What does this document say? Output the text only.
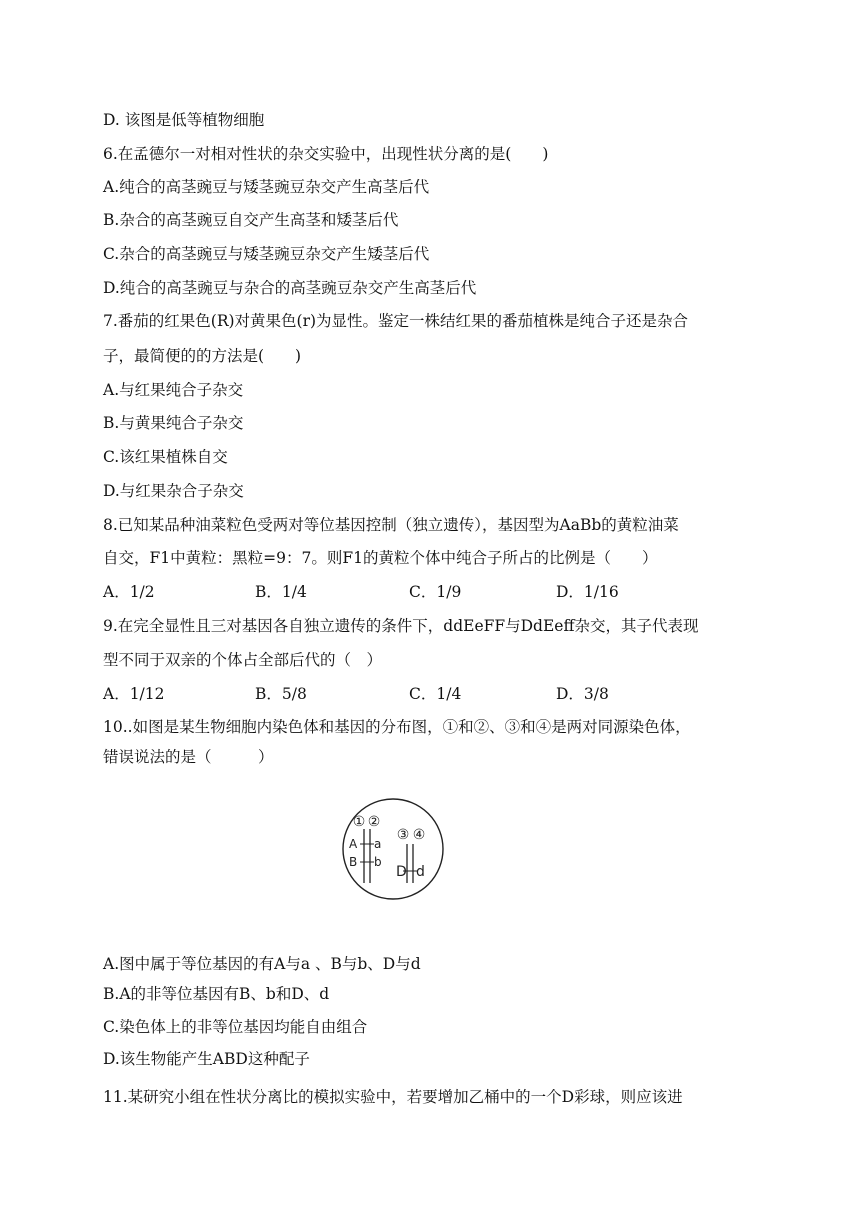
D. 该图是低等植物细胞
6.在孟德尔一对相对性状的杂交实验中，出现性状分离的是(　　)
A.纯合的高茎豌豆与矮茎豌豆杂交产生高茎后代
B.杂合的高茎豌豆自交产生高茎和矮茎后代
C.杂合的高茎豌豆与矮茎豌豆杂交产生矮茎后代
D.纯合的高茎豌豆与杂合的高茎豌豆杂交产生高茎后代
7.番茄的红果色(R)对黄果色(r)为显性。鉴定一株结红果的番茄植株是纯合子还是杂合
子，最简便的的方法是(　　)
A.与红果纯合子杂交
B.与黄果纯合子杂交
C.该红果植株自交
D.与红果杂合子杂交
8.已知某品种油菜粒色受两对等位基因控制（独立遗传），基因型为AaBb的黄粒油菜
自交，F1中黄粒：黑粒=9：7。则F1的黄粒个体中纯合子所占的比例是（　　）
A．1/2	B．1/4	C．1/9	D．1/16
9.在完全显性且三对基因各自独立遗传的条件下，ddEeFF与DdEeff杂交，其子代表现
型不同于双亲的个体占全部后代的（　）
A．1/12	B．5/8	C．1/4	D．3/8
10..如图是某生物细胞内染色体和基因的分布图，①和②、③和④是两对同源染色体，
错误说法的是（　　　）
① ②
③ ④
A a
B b
D d
A.图中属于等位基因的有A与a 、B与b、D与d
B.A的非等位基因有B、b和D、d
C.染色体上的非等位基因均能自由组合
D.该生物能产生ABD这种配子
11.某研究小组在性状分离比的模拟实验中，若要增加乙桶中的一个D彩球，则应该进
